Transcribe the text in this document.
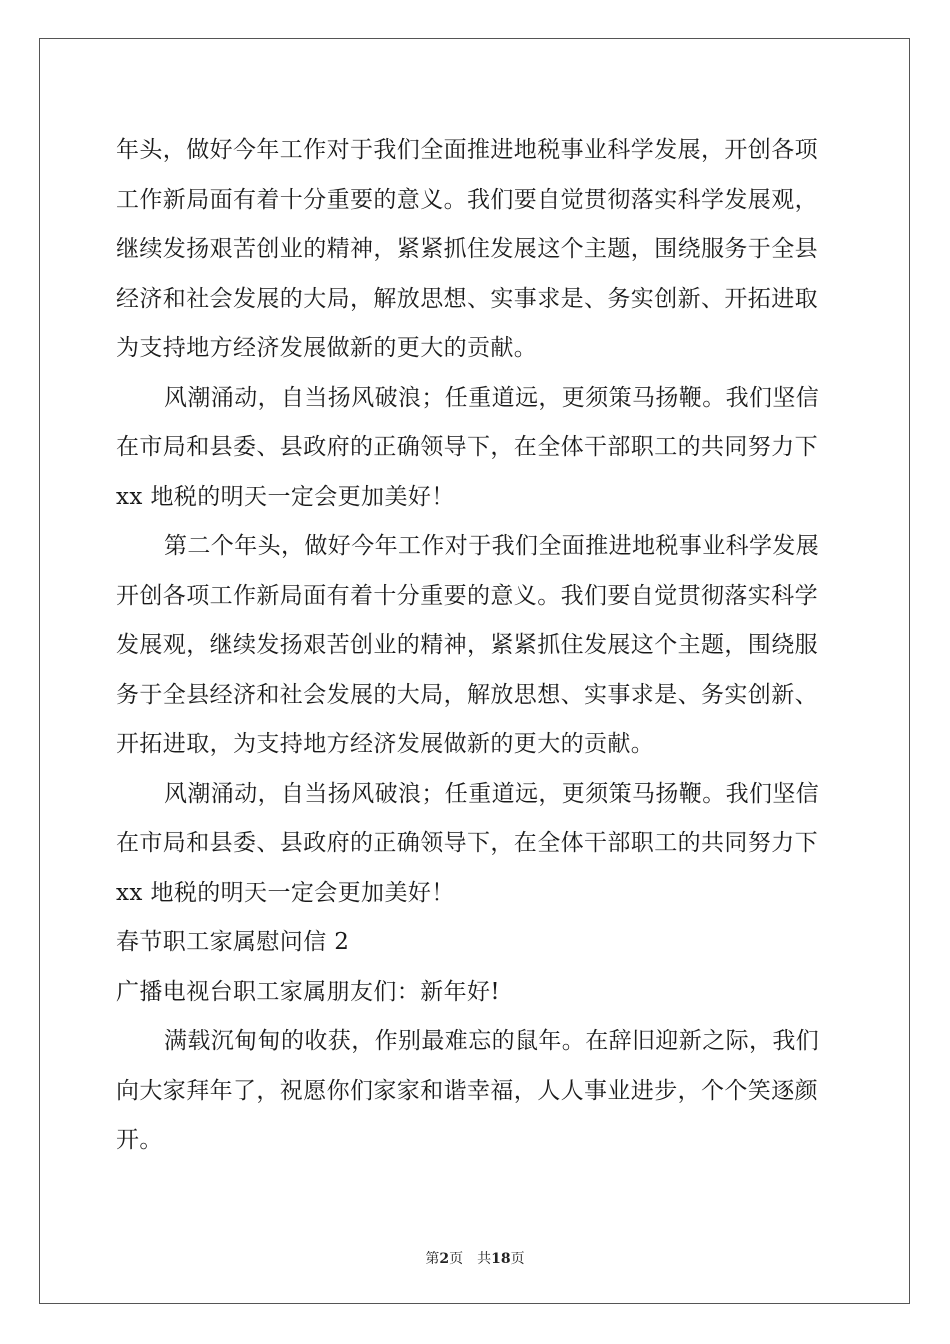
年头，做好今年工作对于我们全面推进地税事业科学发展，开创各项
工作新局面有着十分重要的意义。我们要自觉贯彻落实科学发展观，
继续发扬艰苦创业的精神，紧紧抓住发展这个主题，围绕服务于全县
经济和社会发展的大局，解放思想、实事求是、务实创新、开拓进取
为支持地方经济发展做新的更大的贡献。
风潮涌动，自当扬风破浪；任重道远，更须策马扬鞭。我们坚信
在市局和县委、县政府的正确领导下，在全体干部职工的共同努力下
xx 地税的明天一定会更加美好！
第二个年头，做好今年工作对于我们全面推进地税事业科学发展
开创各项工作新局面有着十分重要的意义。我们要自觉贯彻落实科学
发展观，继续发扬艰苦创业的精神，紧紧抓住发展这个主题，围绕服
务于全县经济和社会发展的大局，解放思想、实事求是、务实创新、
开拓进取，为支持地方经济发展做新的更大的贡献。
风潮涌动，自当扬风破浪；任重道远，更须策马扬鞭。我们坚信
在市局和县委、县政府的正确领导下，在全体干部职工的共同努力下
xx 地税的明天一定会更加美好！
春节职工家属慰问信 2
广播电视台职工家属朋友们：新年好!
满载沉甸甸的收获，作别最难忘的鼠年。在辞旧迎新之际，我们
向大家拜年了，祝愿你们家家和谐幸福，人人事业进步，个个笑逐颜
开。
第2页 共18页
